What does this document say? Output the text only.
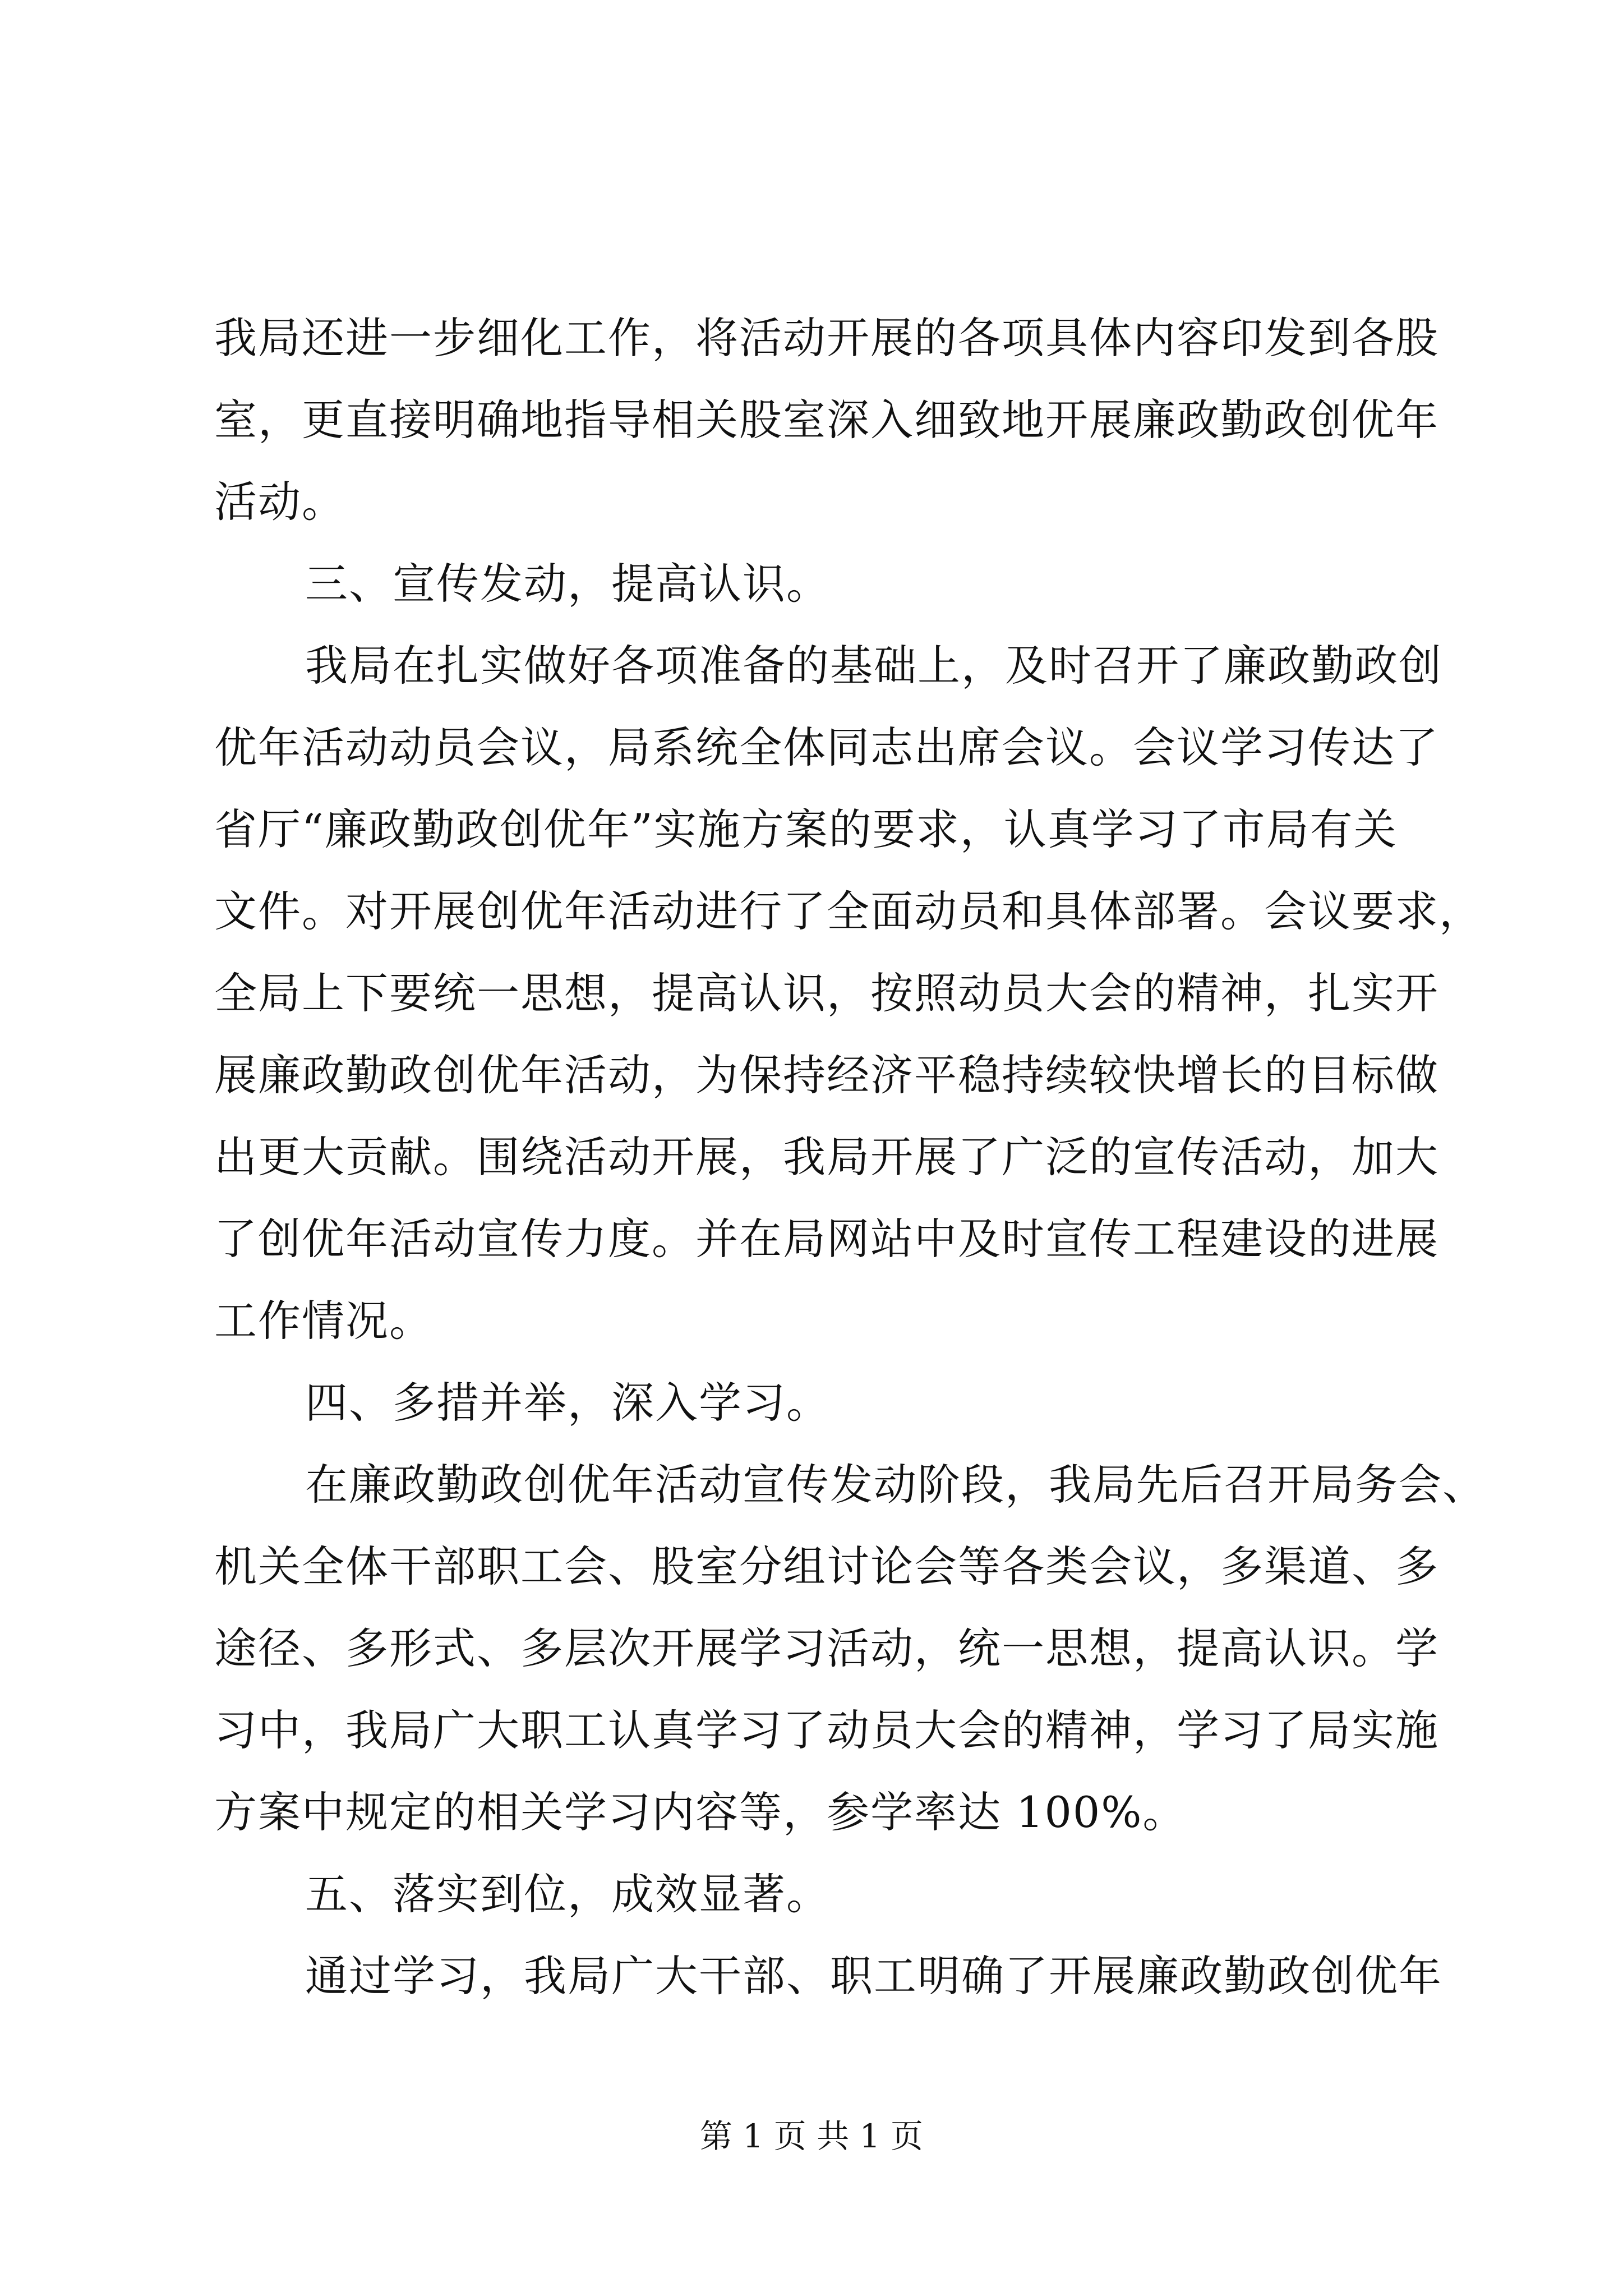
我局还进一步细化工作，将活动开展的各项具体内容印发到各股
室，更直接明确地指导相关股室深入细致地开展廉政勤政创优年
活动。
三、宣传发动，提高认识。
我局在扎实做好各项准备的基础上，及时召开了廉政勤政创
优年活动动员会议，局系统全体同志出席会议。会议学习传达了
省厅“廉政勤政创优年”实施方案的要求，认真学习了市局有关
文件。对开展创优年活动进行了全面动员和具体部署。会议要求，
全局上下要统一思想，提高认识，按照动员大会的精神，扎实开
展廉政勤政创优年活动，为保持经济平稳持续较快增长的目标做
出更大贡献。围绕活动开展，我局开展了广泛的宣传活动，加大
了创优年活动宣传力度。并在局网站中及时宣传工程建设的进展
工作情况。
四、多措并举，深入学习。
在廉政勤政创优年活动宣传发动阶段，我局先后召开局务会、
机关全体干部职工会、股室分组讨论会等各类会议，多渠道、多
途径、多形式、多层次开展学习活动，统一思想，提高认识。学
习中，我局广大职工认真学习了动员大会的精神，学习了局实施
方案中规定的相关学习内容等，参学率达 100%。
五、落实到位，成效显著。
通过学习，我局广大干部、职工明确了开展廉政勤政创优年
第 1 页 共 1 页
